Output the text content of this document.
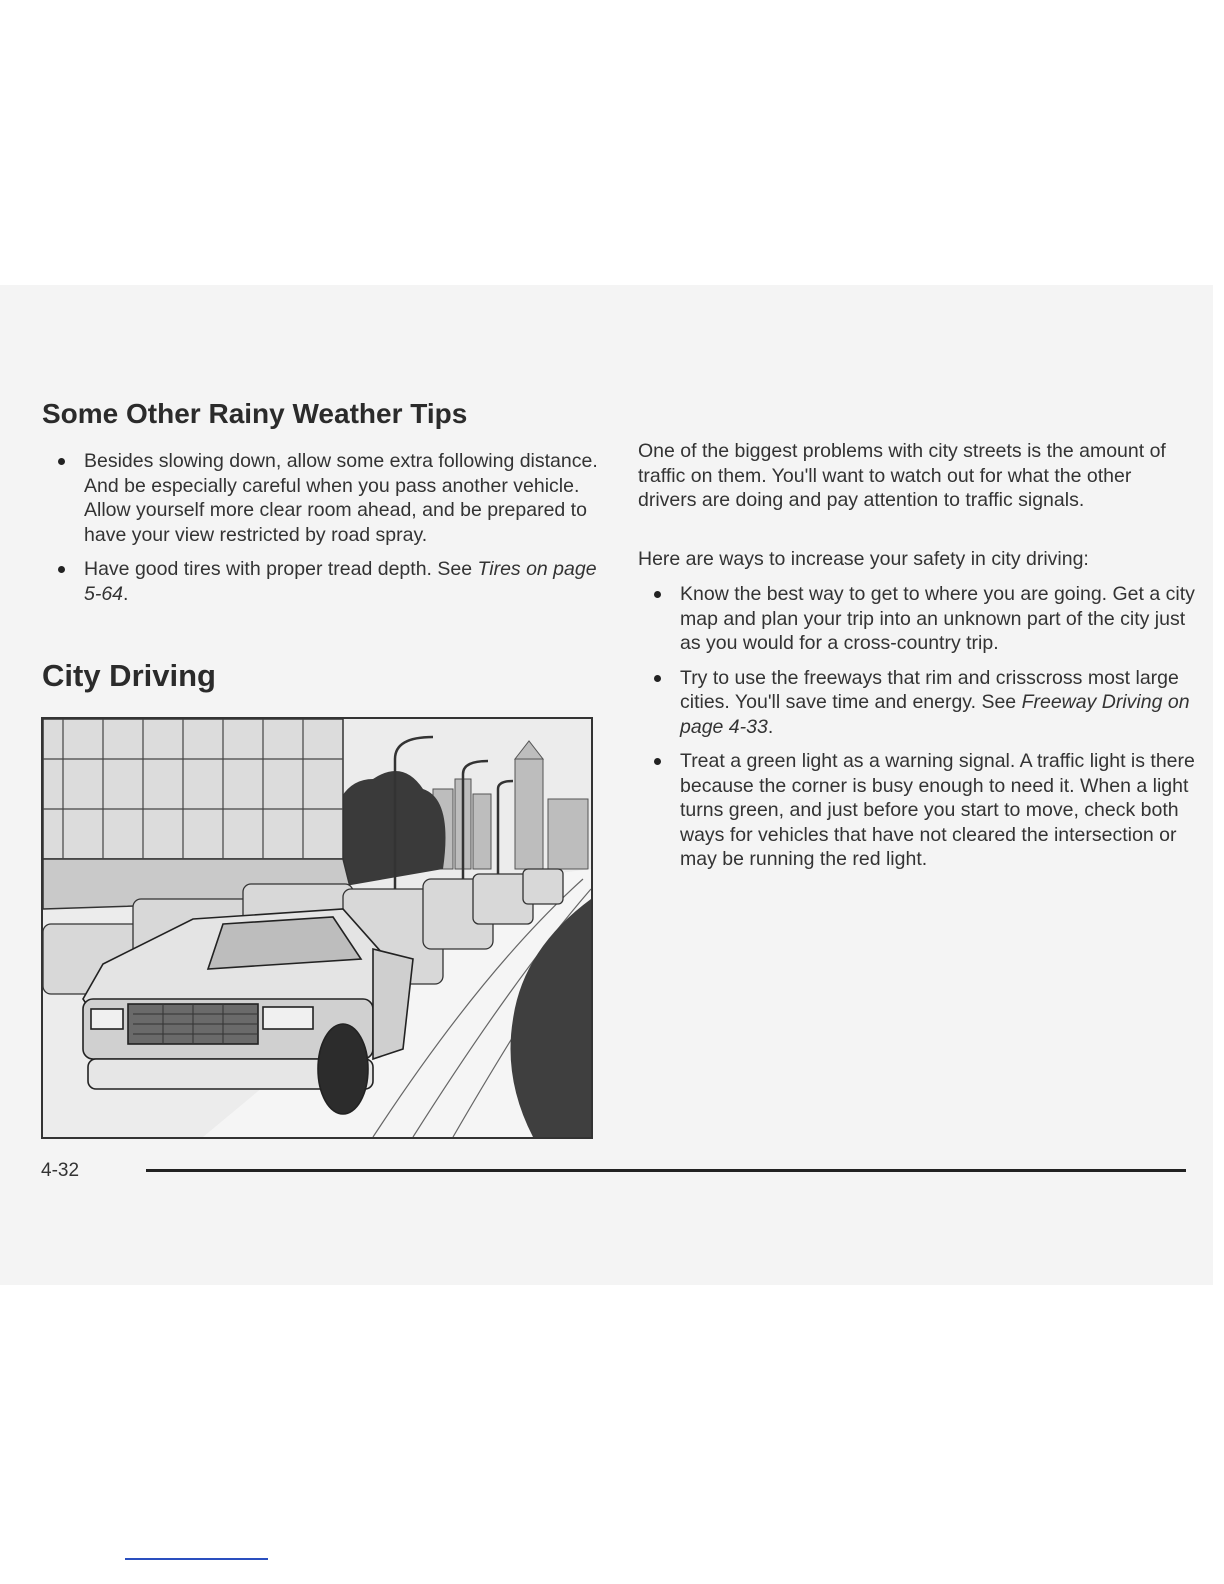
Some Other Rainy Weather Tips
Besides slowing down, allow some extra following distance. And be especially careful when you pass another vehicle. Allow yourself more clear room ahead, and be prepared to have your view restricted by road spray.
Have good tires with proper tread depth. See Tires on page 5-64.
City Driving

One of the biggest problems with city streets is the amount of traffic on them. You'll want to watch out for what the other drivers are doing and pay attention to traffic signals.

Here are ways to increase your safety in city driving:

Know the best way to get to where you are going. Get a city map and plan your trip into an unknown part of the city just as you would for a cross-country trip.
Try to use the freeways that rim and crisscross most large cities. You'll save time and energy. See Freeway Driving on page 4-33.
Treat a green light as a warning signal. A traffic light is there because the corner is busy enough to need it. When a light turns green, and just before you start to move, check both ways for vehicles that have not cleared the intersection or may be running the red light.
4-32
